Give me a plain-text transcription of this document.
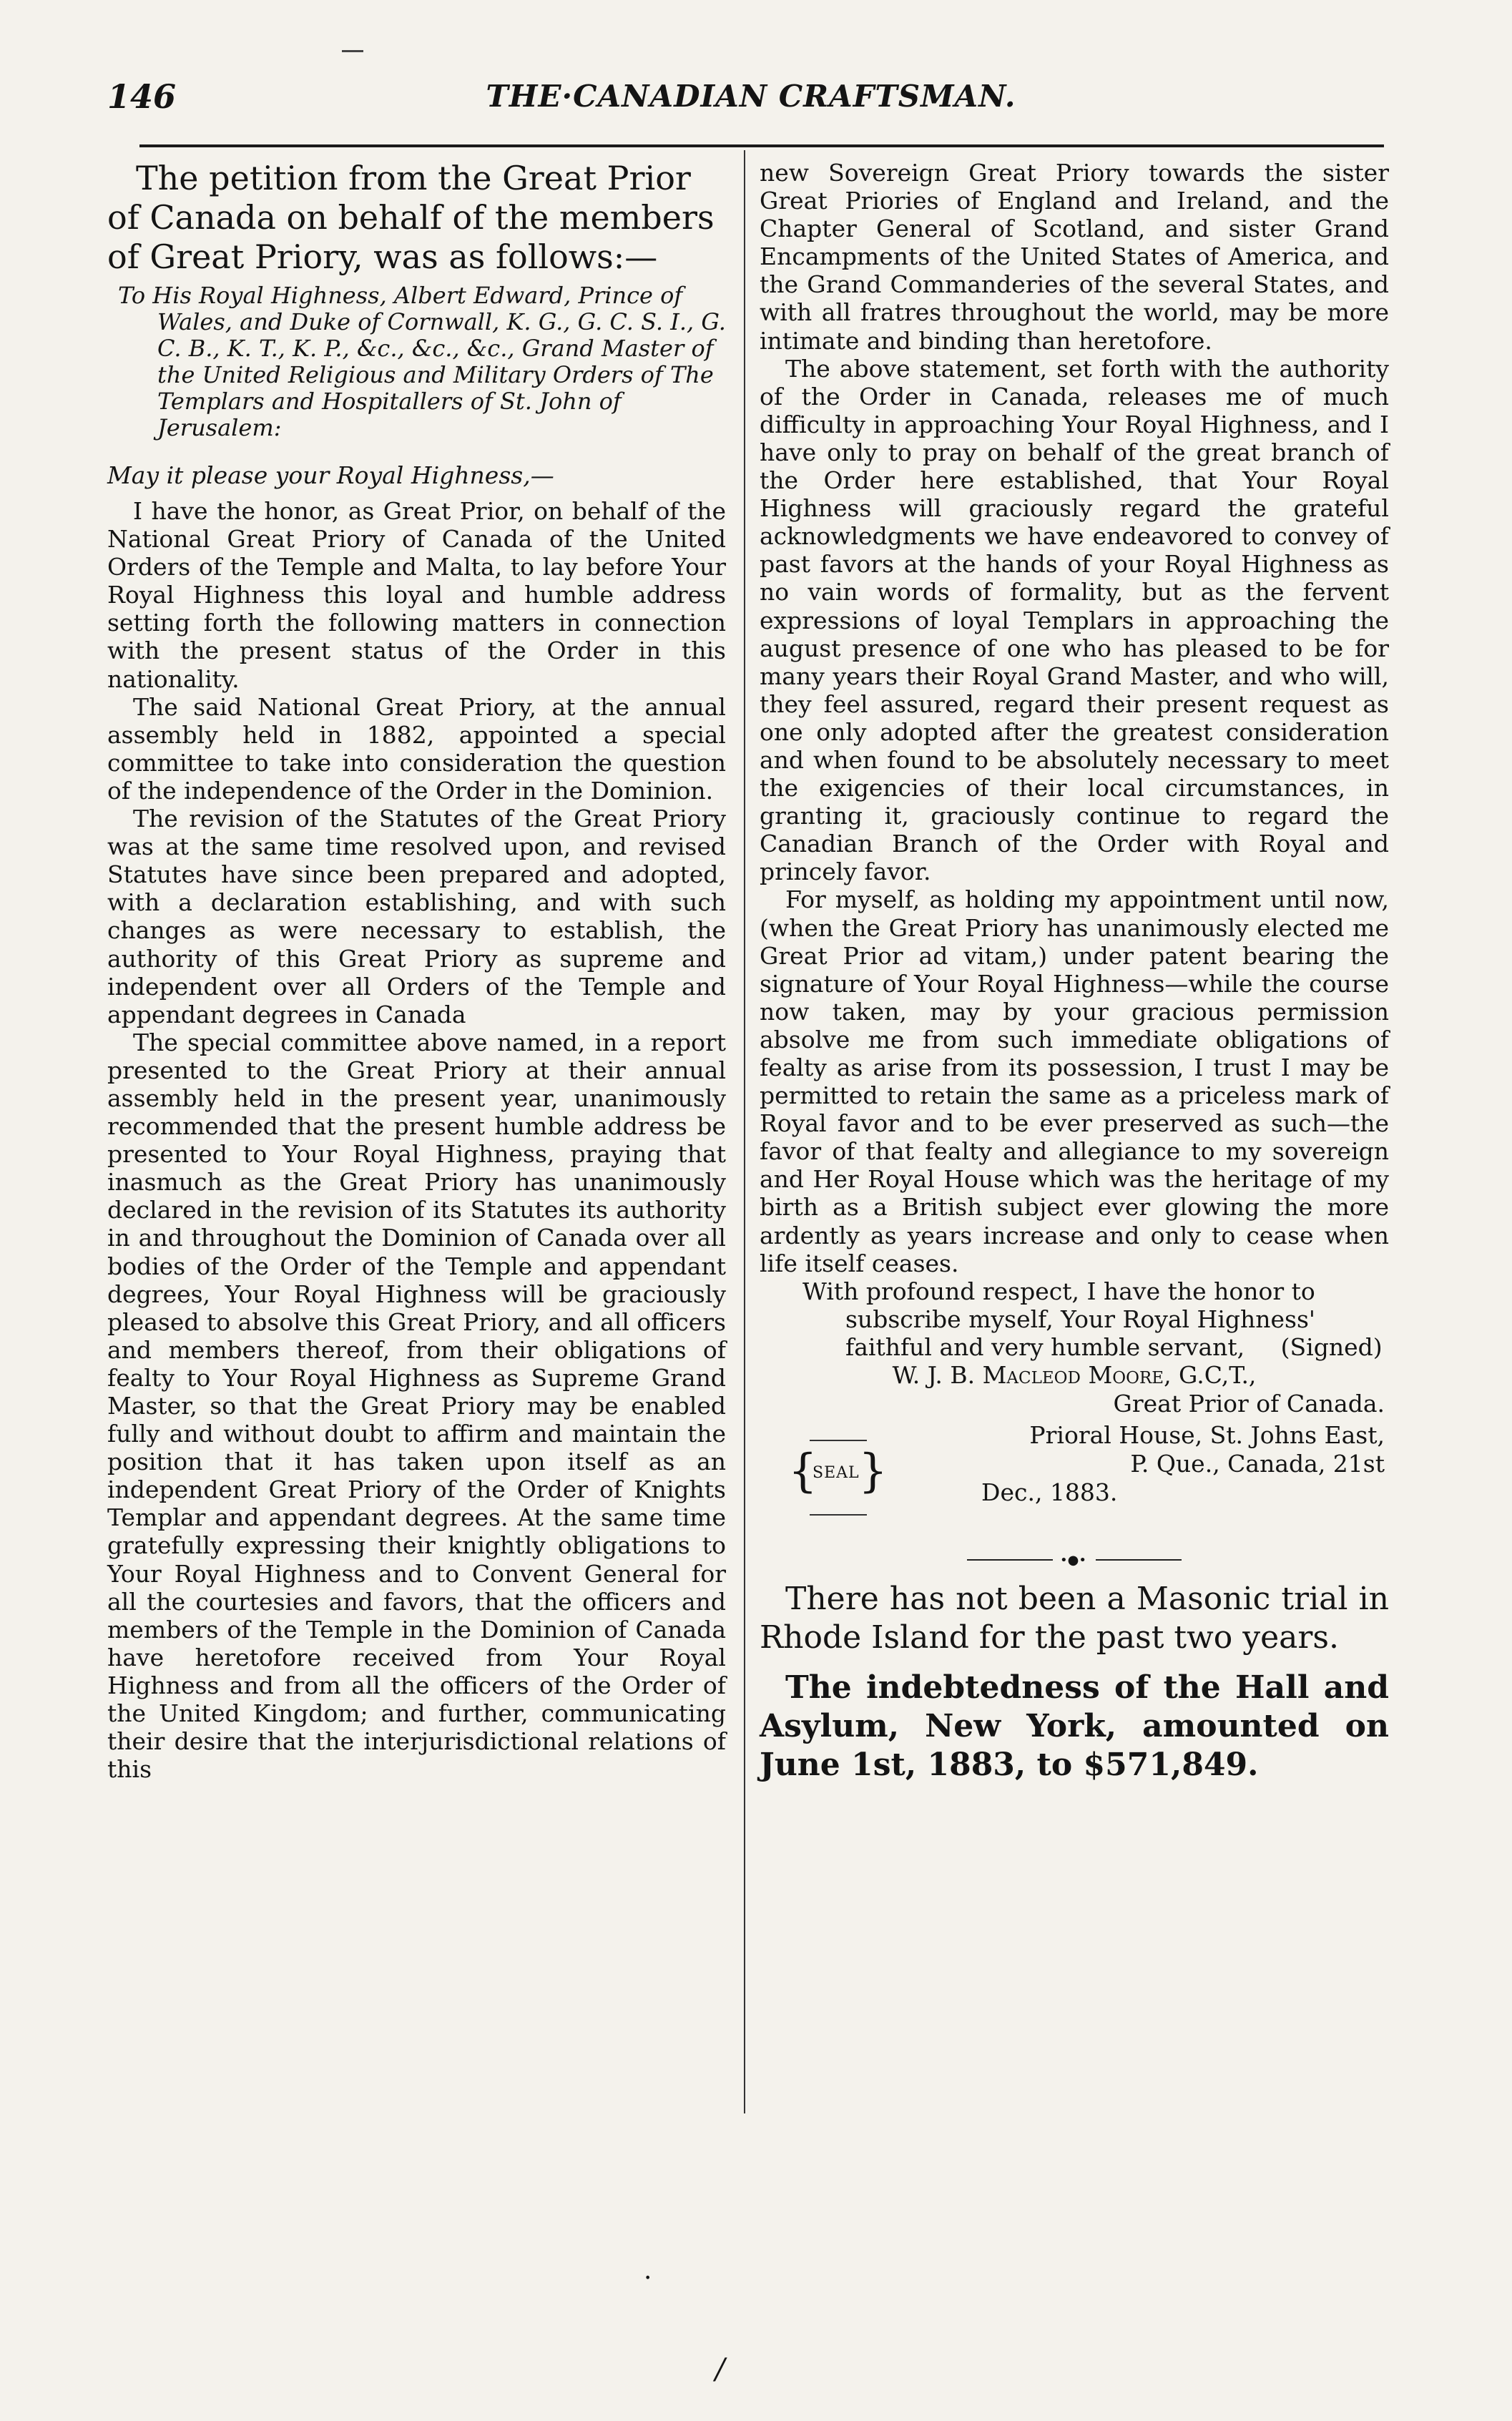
146	THE·CANADIAN CRAFTSMAN.

The petition from the Great Prior of Canada on behalf of the members of Great Priory, was as follows:—

To His Royal Highness, Albert Edward, Prince of Wales, and Duke of Cornwall, K. G., G. C. S. I., G. C. B., K. T., K. P., &c., &c., &c., Grand Master of the United Religious and Military Orders of The Templars and Hospitallers of St. John of Jerusalem:

May it please your Royal Highness,—

I have the honor, as Great Prior, on behalf of the National Great Priory of Canada of the United Orders of the Temple and Malta, to lay before Your Royal Highness this loyal and humble address setting forth the following matters in connection with the present status of the Order in this nationality.

The said National Great Priory, at the annual assembly held in 1882, appointed a special committee to take into consideration the question of the independence of the Order in the Dominion.

The revision of the Statutes of the Great Priory was at the same time resolved upon, and revised Statutes have since been prepared and adopted, with a declaration establishing, and with such changes as were necessary to establish, the authority of this Great Priory as supreme and independent over all Orders of the Temple and appendant degrees in Canada

The special committee above named, in a report presented to the Great Priory at their annual assembly held in the present year, unanimously recommended that the present humble address be presented to Your Royal Highness, praying that inasmuch as the Great Priory has unanimously declared in the revision of its Statutes its authority in and throughout the Dominion of Canada over all bodies of the Order of the Temple and appendant degrees, Your Royal Highness will be graciously pleased to absolve this Great Priory, and all officers and members thereof, from their obligations of fealty to Your Royal Highness as Supreme Grand Master, so that the Great Priory may be enabled fully and without doubt to affirm and maintain the position that it has taken upon itself as an independent Great Priory of the Order of Knights Templar and appendant degrees. At the same time gratefully expressing their knightly obligations to Your Royal Highness and to Convent General for all the courtesies and favors, that the officers and members of the Temple in the Dominion of Canada have heretofore received from Your Royal Highness and from all the officers of the Order of the United Kingdom; and further, communicating their desire that the interjurisdictional relations of this

new Sovereign Great Priory towards the sister Great Priories of England and Ireland, and the Chapter General of Scotland, and sister Grand Encampments of the United States of America, and the Grand Commanderies of the several States, and with all fratres throughout the world, may be more intimate and binding than heretofore.

The above statement, set forth with the authority of the Order in Canada, releases me of much difficulty in approaching Your Royal Highness, and I have only to pray on behalf of the great branch of the Order here established, that Your Royal Highness will graciously regard the grateful acknowledgments we have endeavored to convey of past favors at the hands of your Royal Highness as no vain words of formality, but as the fervent expressions of loyal Templars in approaching the august presence of one who has pleased to be for many years their Royal Grand Master, and who will, they feel assured, regard their present request as one only adopted after the greatest consideration and when found to be absolutely necessary to meet the exigencies of their local circumstances, in granting it, graciously continue to regard the Canadian Branch of the Order with Royal and princely favor.

For myself, as holding my appointment until now, (when the Great Priory has unanimously elected me Great Prior ad vitam,) under patent bearing the signature of Your Royal Highness—while the course now taken, may by your gracious permission absolve me from such immediate obligations of fealty as arise from its possession, I trust I may be permitted to retain the same as a priceless mark of Royal favor and to be ever preserved as such—the favor of that fealty and allegiance to my sovereign and Her Royal House which was the heritage of my birth as a British subject ever glowing the more ardently as years increase and only to cease when life itself ceases.

With profound respect, I have the honor to subscribe myself, Your Royal Highness' faithful and very humble servant, (Signed)

W. J. B. Macleod Moore, G.C,T.,
Great Prior of Canada.
{
SEAL
}
Prioral House, St. Johns East,
P. Que., Canada, 21st
Dec., 1883.
•●•

There has not been a Masonic trial in Rhode Island for the past two years.

The indebtedness of the Hall and Asylum, New York, amounted on June 1st, 1883, to $571,849.

·
/
